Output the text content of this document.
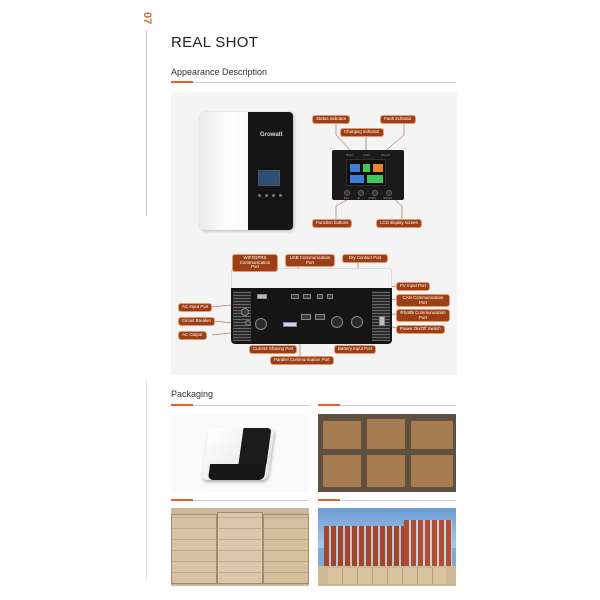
07
REAL SHOT
Appearance Description
Growatt
RUN	CHG	FAULT
ESC	UP	DOWN	ENTER
Status indicator	Fault indicator
Charging indicator
Function buttons	LCD display screen
WIFI/GPRS Communication Port
USB Communication Port
Dry Contact Port
PV Input Port
CAN Communication Port
RS485 Communication Port
Power On/Off Switch
AC Input Port
Circuit Breaker
AC Output
Current Sharing Port	Battery Input Port
Parallel Communication Port
Packaging
